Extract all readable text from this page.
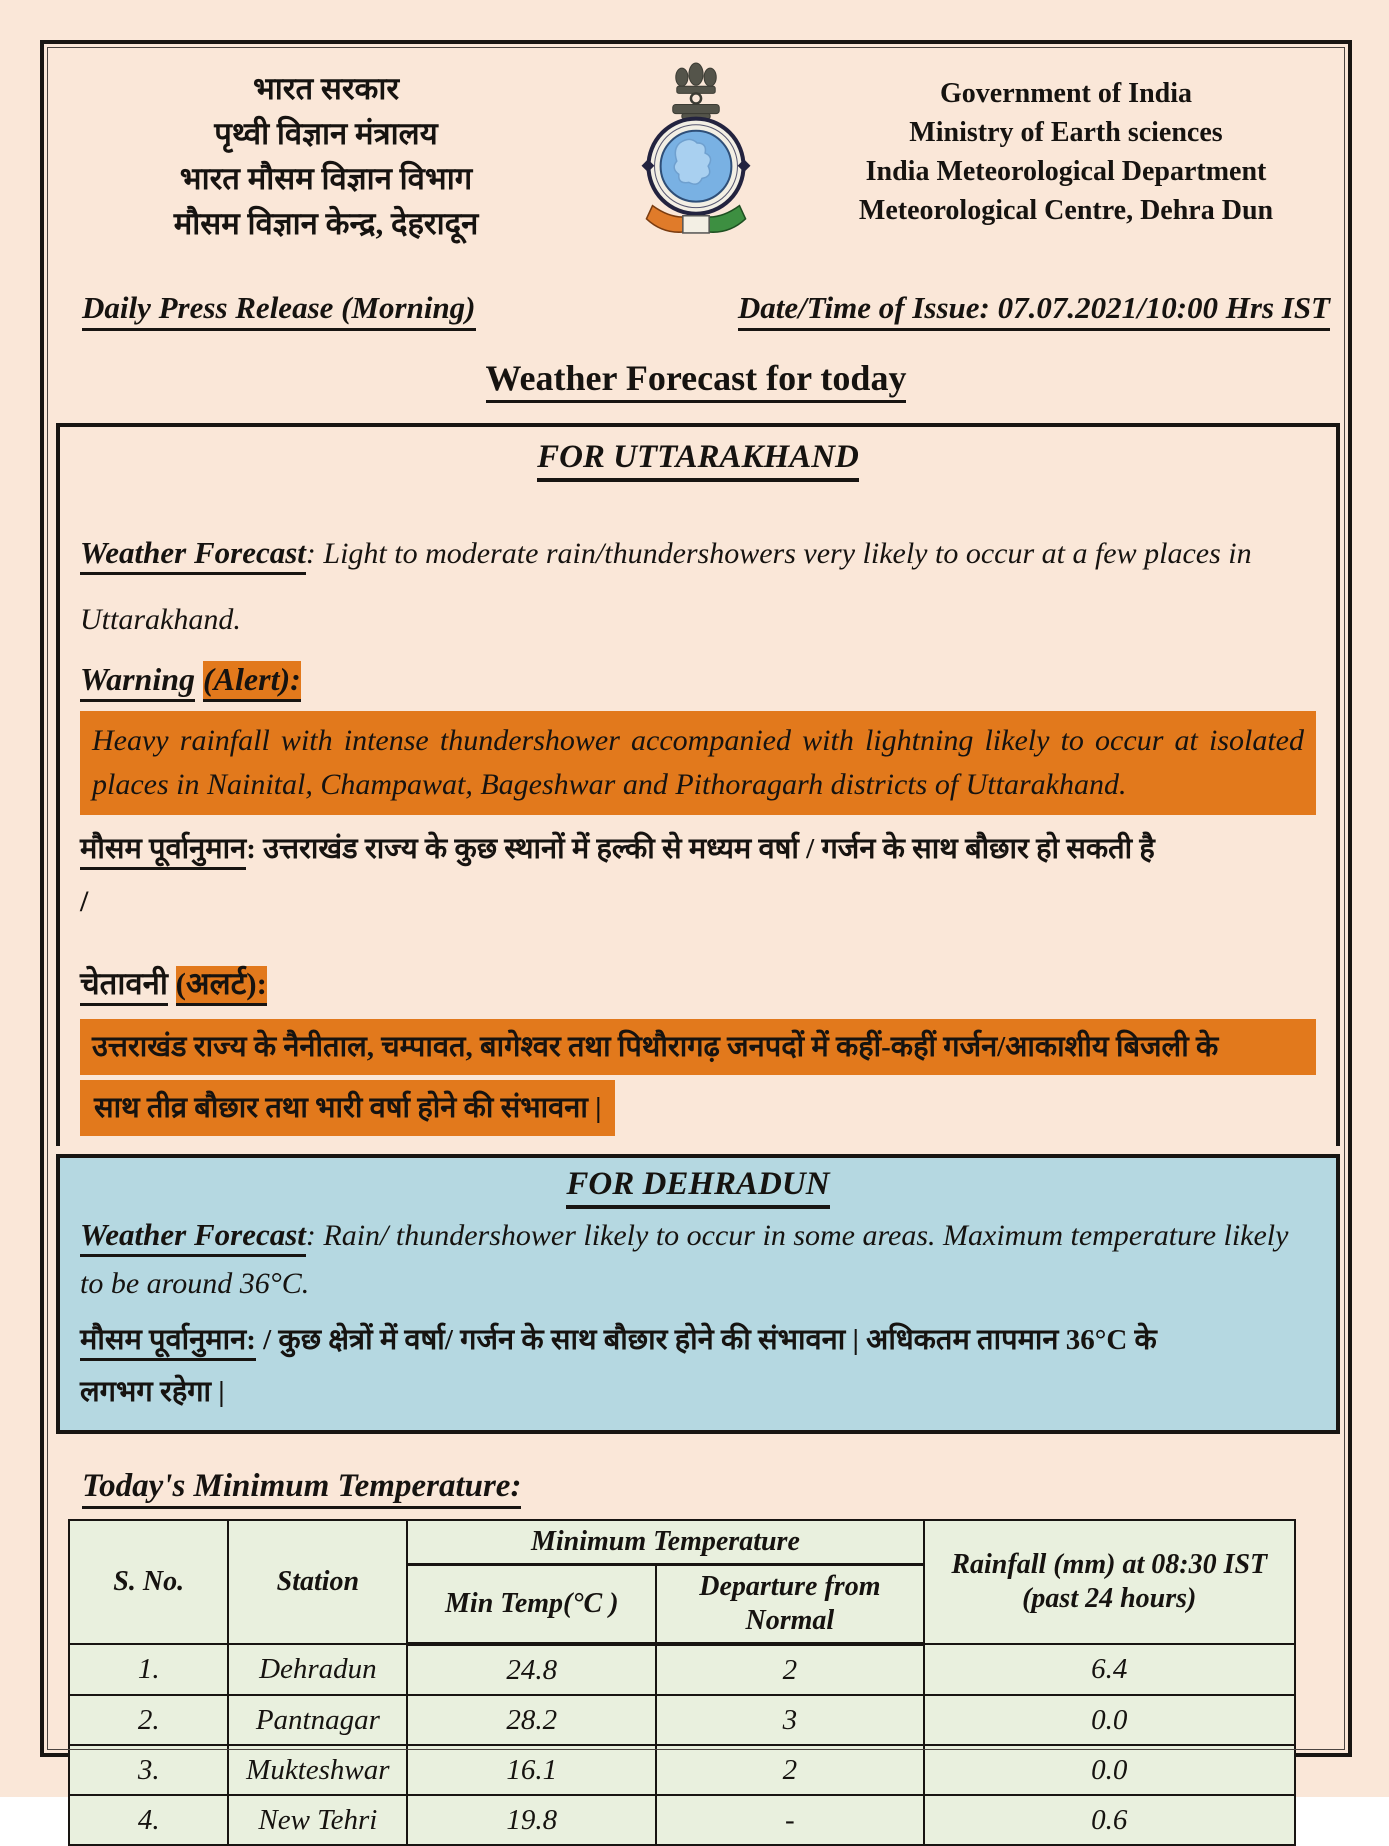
भारत सरकार
पृथ्वी विज्ञान मंत्रालय
भारत मौसम विज्ञान विभाग
मौसम विज्ञान केन्द्र, देहरादून
Government of India
Ministry of Earth sciences
India Meteorological Department
Meteorological Centre, Dehra Dun
Daily Press Release (Morning)	Date/Time of Issue: 07.07.2021/10:00 Hrs IST
Weather Forecast for today
FOR UTTARAKHAND
Weather Forecast: Light to moderate rain/thundershowers very likely to occur at a few places in Uttarakhand.
Warning (Alert):
Heavy rainfall with intense thundershower accompanied with lightning likely to occur at isolated places in Nainital, Champawat, Bageshwar and Pithoragarh districts of Uttarakhand.
मौसम पूर्वानुमान: उत्तराखंड राज्य के कुछ स्थानों में हल्की से मध्यम वर्षा / गर्जन के साथ बौछार हो सकती है
/
चेतावनी (अलर्ट):
उत्तराखंड राज्य के नैनीताल, चम्पावत, बागेश्वर तथा पिथौरागढ़ जनपदों में कहीं-कहीं गर्जन/आकाशीय बिजली के
साथ तीव्र बौछार तथा भारी वर्षा होने की संभावना |
FOR DEHRADUN
Weather Forecast: Rain/ thundershower likely to occur in some areas. Maximum temperature likely to be around 36°C.
मौसम पूर्वानुमान: / कुछ क्षेत्रों में वर्षा/ गर्जन के साथ बौछार होने की संभावना | अधिकतम तापमान 36°C के
लगभग रहेगा |
Today's Minimum Temperature:
S. No.	Station	Minimum Temperature		Rainfall (mm) at 08:30 IST
(past 24 hours)

		Min Temp(°C )	Departure from Normal	
1.	Dehradun	24.8	2	6.4
2.	Pantnagar	28.2	3	0.0
3.	Mukteshwar	16.1	2	0.0
4.	New Tehri	19.8	-	0.6
